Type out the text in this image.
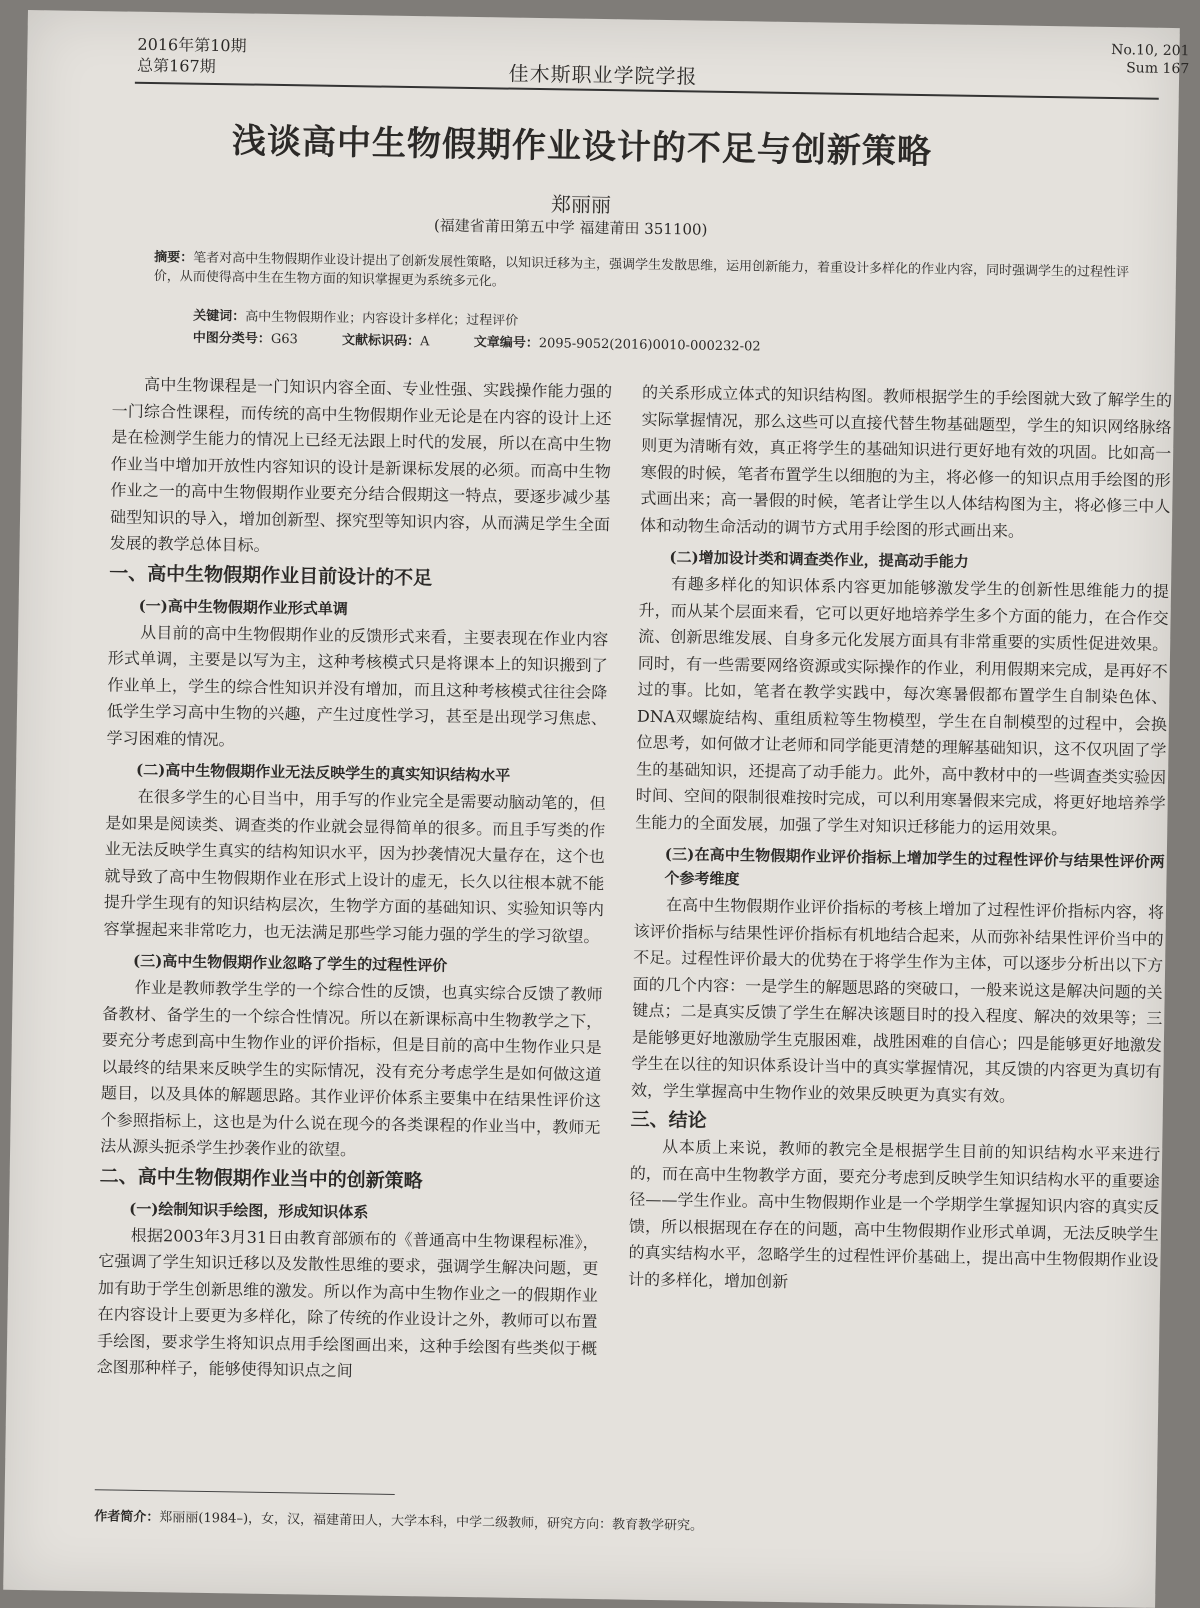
2016年第10期
总第167期	佳木斯职业学院学报
No.10, 201
Sum 167
浅谈高中生物假期作业设计的不足与创新策略
郑丽丽
(福建省莆田第五中学 福建莆田 351100)
摘要：笔者对高中生物假期作业设计提出了创新发展性策略，以知识迁移为主，强调学生发散思维，运用创新能力，着重设计多样化的作业内容，同时强调学生的过程性评价，从而使得高中生在生物方面的知识掌握更为系统多元化。
关键词：高中生物假期作业；内容设计多样化；过程评价
中图分类号：G63	文献标识码：A	文章编号：2095-9052(2016)0010-000232-02

高中生物课程是一门知识内容全面、专业性强、实践操作能力强的一门综合性课程，而传统的高中生物假期作业无论是在内容的设计上还是在检测学生能力的情况上已经无法跟上时代的发展，所以在高中生物作业当中增加开放性内容知识的设计是新课标发展的必须。而高中生物作业之一的高中生物假期作业要充分结合假期这一特点，要逐步减少基础型知识的导入，增加创新型、探究型等知识内容，从而满足学生全面发展的教学总体目标。

一、高中生物假期作业目前设计的不足
(一)高中生物假期作业形式单调

从目前的高中生物假期作业的反馈形式来看，主要表现在作业内容形式单调，主要是以写为主，这种考核模式只是将课本上的知识搬到了作业单上，学生的综合性知识并没有增加，而且这种考核模式往往会降低学生学习高中生物的兴趣，产生过度性学习，甚至是出现学习焦虑、学习困难的情况。

(二)高中生物假期作业无法反映学生的真实知识结构水平

在很多学生的心目当中，用手写的作业完全是需要动脑动笔的，但是如果是阅读类、调查类的作业就会显得简单的很多。而且手写类的作业无法反映学生真实的结构知识水平，因为抄袭情况大量存在，这个也就导致了高中生物假期作业在形式上设计的虚无，长久以往根本就不能提升学生现有的知识结构层次，生物学方面的基础知识、实验知识等内容掌握起来非常吃力，也无法满足那些学习能力强的学生的学习欲望。

(三)高中生物假期作业忽略了学生的过程性评价

作业是教师教学生学的一个综合性的反馈，也真实综合反馈了教师备教材、备学生的一个综合性情况。所以在新课标高中生物教学之下，要充分考虑到高中生物作业的评价指标，但是目前的高中生物作业只是以最终的结果来反映学生的实际情况，没有充分考虑学生是如何做这道题目，以及具体的解题思路。其作业评价体系主要集中在结果性评价这个参照指标上，这也是为什么说在现今的各类课程的作业当中，教师无法从源头扼杀学生抄袭作业的欲望。

二、高中生物假期作业当中的创新策略
(一)绘制知识手绘图，形成知识体系

根据2003年3月31日由教育部颁布的《普通高中生物课程标准》，它强调了学生知识迁移以及发散性思维的要求，强调学生解决问题，更加有助于学生创新思维的激发。所以作为高中生物作业之一的假期作业在内容设计上要更为多样化，除了传统的作业设计之外，教师可以布置手绘图，要求学生将知识点用手绘图画出来，这种手绘图有些类似于概念图那种样子，能够使得知识点之间

的关系形成立体式的知识结构图。教师根据学生的手绘图就大致了解学生的实际掌握情况，那么这些可以直接代替生物基础题型，学生的知识网络脉络则更为清晰有效，真正将学生的基础知识进行更好地有效的巩固。比如高一寒假的时候，笔者布置学生以细胞的为主，将必修一的知识点用手绘图的形式画出来；高一暑假的时候，笔者让学生以人体结构图为主，将必修三中人体和动物生命活动的调节方式用手绘图的形式画出来。

(二)增加设计类和调查类作业，提高动手能力

有趣多样化的知识体系内容更加能够激发学生的创新性思维能力的提升，而从某个层面来看，它可以更好地培养学生多个方面的能力，在合作交流、创新思维发展、自身多元化发展方面具有非常重要的实质性促进效果。同时，有一些需要网络资源或实际操作的作业，利用假期来完成，是再好不过的事。比如，笔者在教学实践中，每次寒暑假都布置学生自制染色体、DNA双螺旋结构、重组质粒等生物模型，学生在自制模型的过程中，会换位思考，如何做才让老师和同学能更清楚的理解基础知识，这不仅巩固了学生的基础知识，还提高了动手能力。此外，高中教材中的一些调查类实验因时间、空间的限制很难按时完成，可以利用寒暑假来完成，将更好地培养学生能力的全面发展，加强了学生对知识迁移能力的运用效果。

(三)在高中生物假期作业评价指标上增加学生的过程性评价与结果性评价两个参考维度

在高中生物假期作业评价指标的考核上增加了过程性评价指标内容，将该评价指标与结果性评价指标有机地结合起来，从而弥补结果性评价当中的不足。过程性评价最大的优势在于将学生作为主体，可以逐步分析出以下方面的几个内容：一是学生的解题思路的突破口，一般来说这是解决问题的关键点；二是真实反馈了学生在解决该题目时的投入程度、解决的效果等；三是能够更好地激励学生克服困难，战胜困难的自信心；四是能够更好地激发学生在以往的知识体系设计当中的真实掌握情况，其反馈的内容更为真切有效，学生掌握高中生物作业的效果反映更为真实有效。

三、结论

从本质上来说，教师的教完全是根据学生目前的知识结构水平来进行的，而在高中生物教学方面，要充分考虑到反映学生知识结构水平的重要途径——学生作业。高中生物假期作业是一个学期学生掌握知识内容的真实反馈，所以根据现在存在的问题，高中生物假期作业形式单调，无法反映学生的真实结构水平，忽略学生的过程性评价基础上，提出高中生物假期作业设计的多样化，增加创新

作者简介：郑丽丽(1984–)，女，汉，福建莆田人，大学本科，中学二级教师，研究方向：教育教学研究。
